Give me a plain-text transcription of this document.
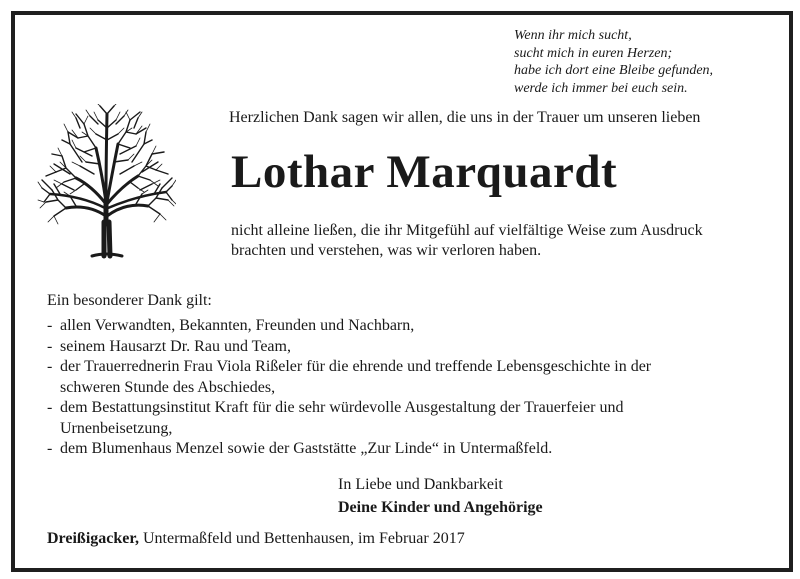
Wenn ihr mich sucht,
sucht mich in euren Herzen;
habe ich dort eine Bleibe gefunden,
werde ich immer bei euch sein.
Herzlichen Dank sagen wir allen, die uns in der Trauer um unseren lieben
Lothar Marquardt
nicht alleine ließen, die ihr Mitgefühl auf vielfältige Weise zum Ausdruck
brachten und verstehen, was wir verloren haben.
Ein besonderer Dank gilt:
- allen Verwandten, Bekannten, Freunden und Nachbarn,
- seinem Hausarzt Dr. Rau und Team,
- der Trauerrednerin Frau Viola Rißeler für die ehrende und treffende Lebensgeschichte in der
schweren Stunde des Abschiedes,
- dem Bestattungsinstitut Kraft für die sehr würdevolle Ausgestaltung der Trauerfeier und
Urnenbeisetzung,
- dem Blumenhaus Menzel sowie der Gaststätte „Zur Linde“ in Untermaßfeld.
In Liebe und Dankbarkeit
Deine Kinder und Angehörige
Dreißigacker, Untermaßfeld und Bettenhausen, im Februar 2017
